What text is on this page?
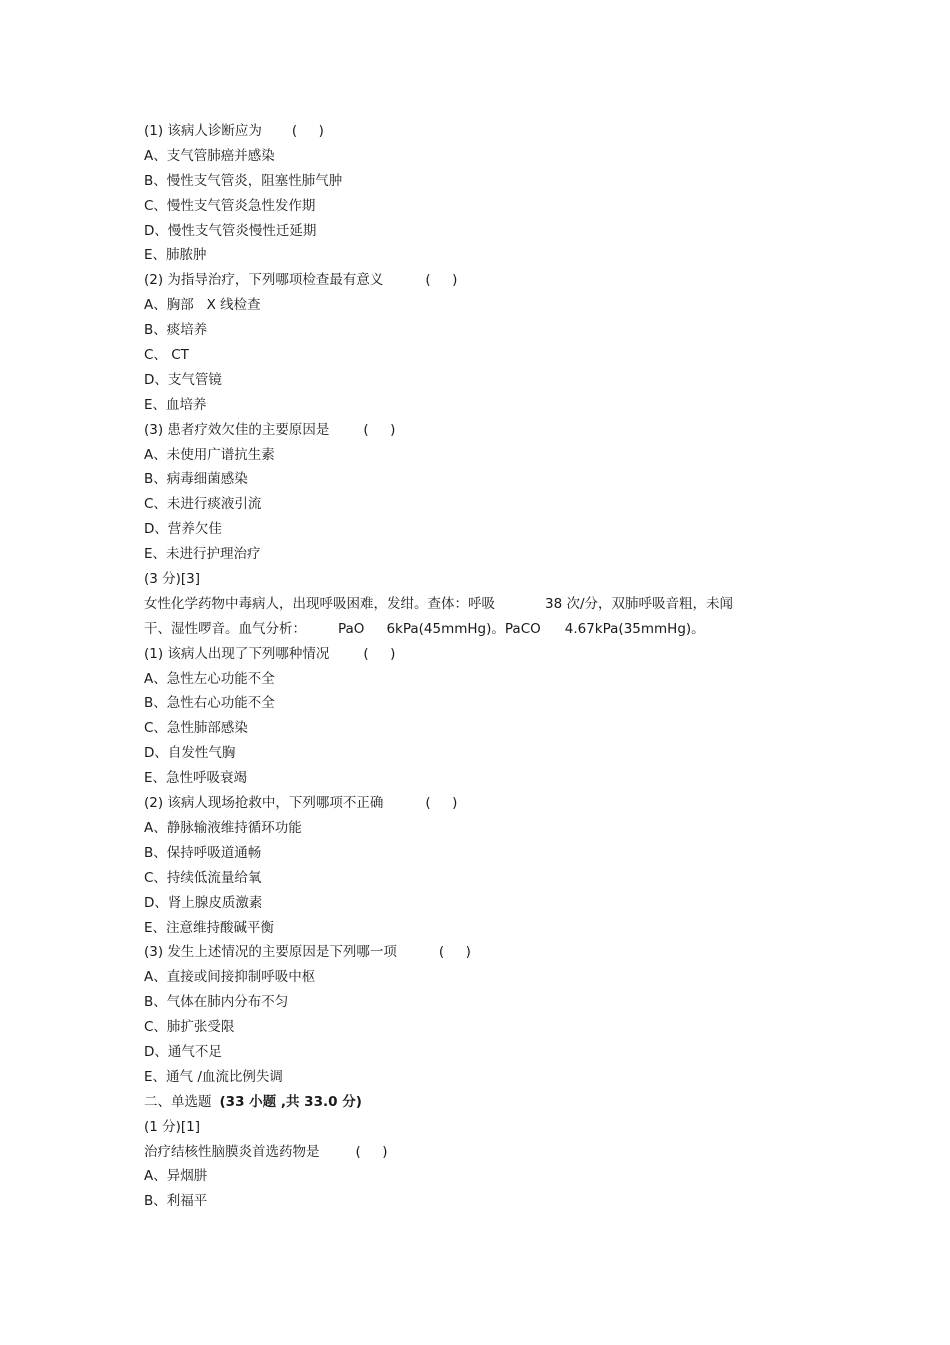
(1) 该病人诊断应为 (     )
A、支气管肺癌并感染
B、慢性支气管炎，阻塞性肺气肿
C、慢性支气管炎急性发作期
D、慢性支气管炎慢性迁延期
E、肺脓肿
(2) 为指导治疗，下列哪项检查最有意义	(     )
A、胸部   X 线检查
B、痰培养
C、 CT
D、支气管镜
E、血培养
(3) 患者疗效欠佳的主要原因是	(     )
A、未使用广谱抗生素
B、病毒细菌感染
C、未进行痰液引流
D、营养欠佳
E、未进行护理治疗
(3 分)[3]
女性化学药物中毒病人，出现呼吸困难，发绀。查体：呼吸	38 次/分，双肺呼吸音粗，未闻
干、湿性啰音。血气分析： PaO 6kPa(45mmHg)。PaCO 4.67kPa(35mmHg)。
(1) 该病人出现了下列哪种情况	(     )
A、急性左心功能不全
B、急性右心功能不全
C、急性肺部感染
D、自发性气胸
E、急性呼吸衰竭
(2) 该病人现场抢救中，下列哪项不正确	(     )
A、静脉输液维持循环功能
B、保持呼吸道通畅
C、持续低流量给氧
D、肾上腺皮质激素
E、注意维持酸碱平衡
(3) 发生上述情况的主要原因是下列哪一项	(     )
A、直接或间接抑制呼吸中枢
B、气体在肺内分布不匀
C、肺扩张受限
D、通气不足
E、通气 /血流比例失调
二、单选题 (33 小题 ,共 33.0 分)
(1 分)[1]
治疗结核性脑膜炎首选药物是	(     )
A、异烟肼
B、利福平
